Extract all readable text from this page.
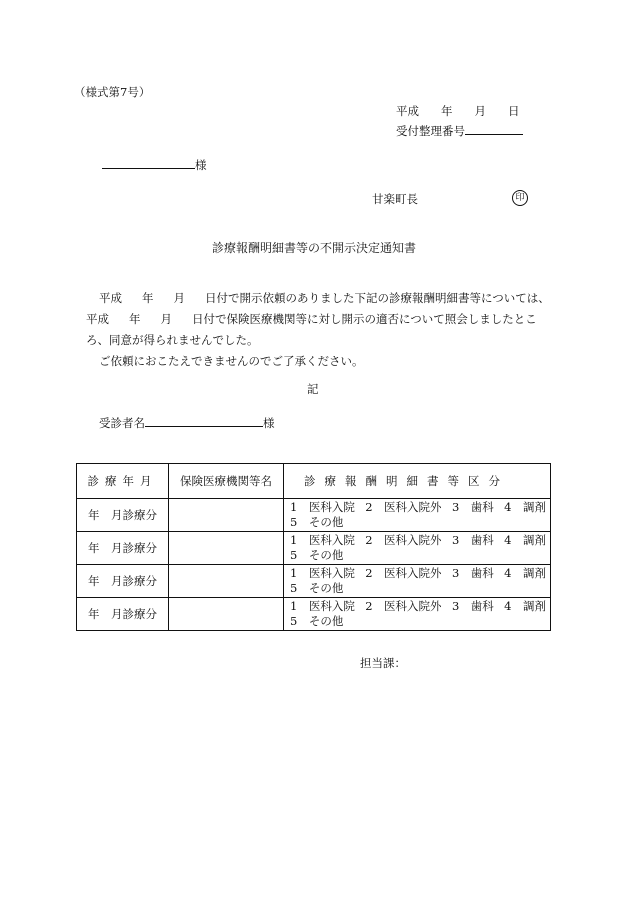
（様式第7号）
平成 年 月 日
受付整理番号
様
甘楽町長	印
診療報酬明細書等の不開示決定通知書

平成 年 月 日付で開示依頼のありました下記の診療報酬明細書等については、平成 年 月 日付で保険医療機関等に対し開示の適否について照会しましたところ、同意が得られませんでした。

ご依頼におこたえできませんのでご了承ください。

記
受診者名	様
診療年月	保険医療機関等名	診療報酬明細書等区分
年　月診療分		1　医科入院 2　医科入院外 3　歯科 4　調剤
5　その他

年　月診療分		1　医科入院 2　医科入院外 3　歯科 4　調剤
5　その他

年　月診療分		1　医科入院 2　医科入院外 3　歯科 4　調剤
5　その他

年　月診療分		1　医科入院 2　医科入院外 3　歯科 4　調剤
5　その他
担当課：
